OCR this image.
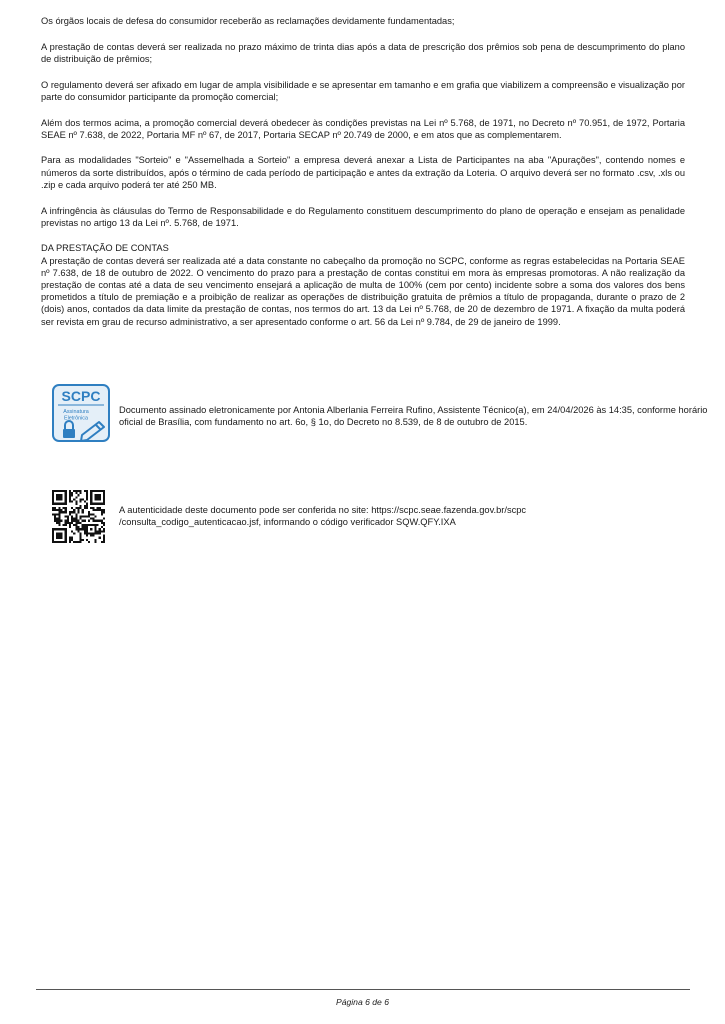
Os órgãos locais de defesa do consumidor receberão as reclamações devidamente fundamentadas;

A prestação de contas deverá ser realizada no prazo máximo de trinta dias após a data de prescrição dos prêmios sob pena de descumprimento do plano de distribuição de prêmios;

O regulamento deverá ser afixado em lugar de ampla visibilidade e se apresentar em tamanho e em grafia que viabilizem a compreensão e visualização por parte do consumidor participante da promoção comercial;

Além dos termos acima, a promoção comercial deverá obedecer às condições previstas na Lei nº 5.768, de 1971, no Decreto nº 70.951, de 1972, Portaria SEAE nº 7.638, de 2022, Portaria MF nº 67, de 2017, Portaria SECAP nº 20.749 de 2000, e em atos que as complementarem.

Para as modalidades "Sorteio" e "Assemelhada a Sorteio" a empresa deverá anexar a Lista de Participantes na aba "Apurações", contendo nomes e números da sorte distribuídos, após o término de cada período de participação e antes da extração da Loteria. O arquivo deverá ser no formato .csv, .xls ou .zip e cada arquivo poderá ter até 250 MB.

A infringência às cláusulas do Termo de Responsabilidade e do Regulamento constituem descumprimento do plano de operação e ensejam as penalidade previstas no artigo 13 da Lei nº. 5.768, de 1971.

DA PRESTAÇÃO DE CONTAS

A prestação de contas deverá ser realizada até a data constante no cabeçalho da promoção no SCPC, conforme as regras estabelecidas na Portaria SEAE nº 7.638, de 18 de outubro de 2022. O vencimento do prazo para a prestação de contas constitui em mora às empresas promotoras. A não realização da prestação de contas até a data de seu vencimento ensejará a aplicação de multa de 100% (cem por cento) incidente sobre a soma dos valores dos bens prometidos a título de premiação e a proibição de realizar as operações de distribuição gratuita de prêmios a título de propaganda, durante o prazo de 2 (dois) anos, contados da data limite da prestação de contas, nos termos do art. 13 da Lei nº 5.768, de 20 de dezembro de 1971. A fixação da multa poderá ser revista em grau de recurso administrativo, a ser apresentado conforme o art. 56 da Lei nº 9.784, de 29 de janeiro de 1999.

SCPC
Assinatura
Eletrônica
Documento assinado eletronicamente por Antonia Alberlania Ferreira Rufino, Assistente Técnico(a), em 24/04/2026 às 14:35, conforme horário oficial de Brasília, com fundamento no art. 6o, § 1o, do Decreto no 8.539, de 8 de outubro de 2015.
A autenticidade deste documento pode ser conferida no site: https://scpc.seae.fazenda.gov.br/scpc
/consulta_codigo_autenticacao.jsf, informando o código verificador SQW.QFY.IXA
Página 6 de 6
